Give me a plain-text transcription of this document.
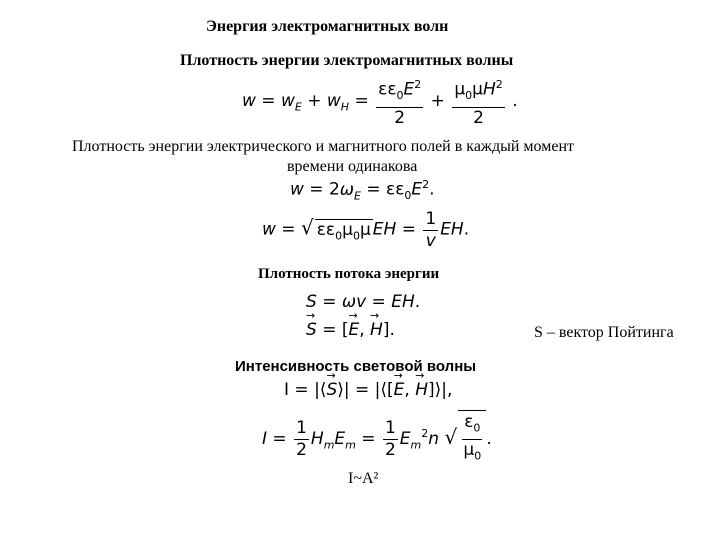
Энергия электромагнитных волн
Плотность энергии электромагнитных волны
$w = w_E + w_H = \frac{\varepsilon\varepsilon_0E^2}{2} + \frac{\mu_0\mu H^2}{2}$ .
Плотность энергии электрического и магнитного полей в каждый момент
времени одинакова
$w = 2\omega_E = \varepsilon\varepsilon_0E^2$.
w = √ $\varepsilon\varepsilon_0\mu_0\mu$ EH = $\frac{1}{v}$ EH.
Плотность потока энергии
S = ωv = EH.
→ S = [→ E, → H].	S – вектор Пойтинга
Интенсивность световой волны
I = |⟨→ S⟩| = |⟨[→ E, → H]⟩|,
$I = \frac{1}{2} H_mE_m = \frac{1}{2} E_m^2n$ √ $\frac{\varepsilon_0}{\mu_0}$ .
I~A²
